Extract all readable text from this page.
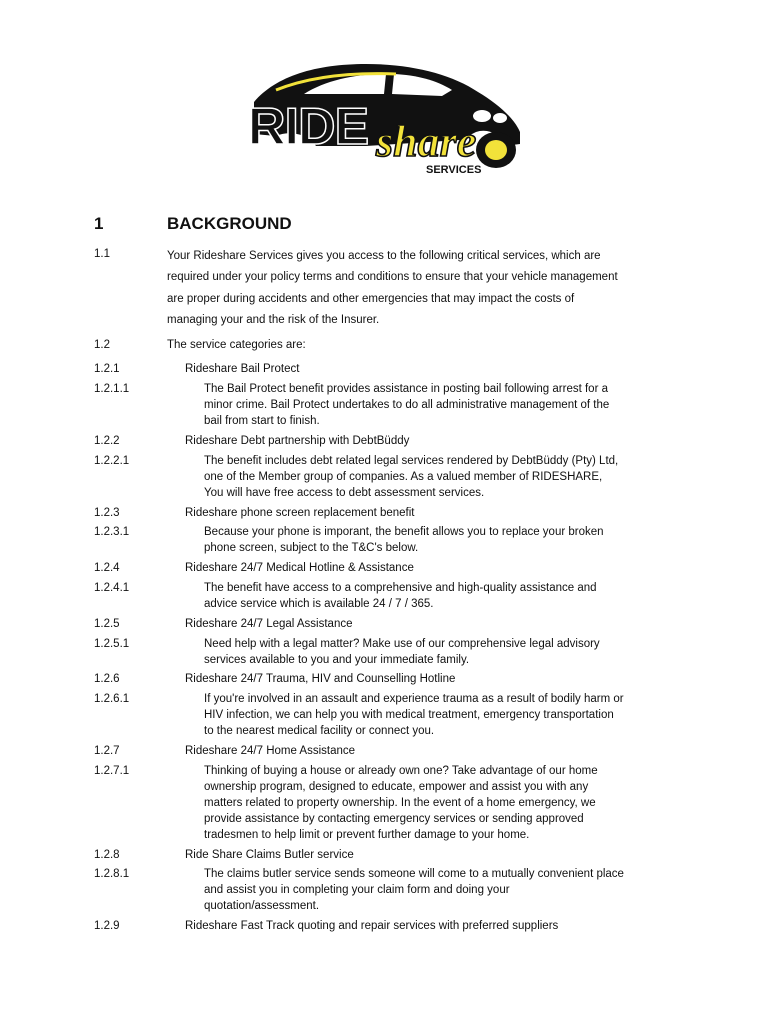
RIDE share
SERVICES
1	BACKGROUND
1.1	Your Rideshare Services gives you access to the following critical services, which are
required under your policy terms and conditions to ensure that your vehicle management
are proper during accidents and other emergencies that may impact the costs of
managing your and the risk of the Insurer.
1.2	The service categories are:
1.2.1	Rideshare Bail Protect
1.2.1.1	The Bail Protect benefit provides assistance in posting bail following arrest for a
minor crime. Bail Protect undertakes to do all administrative management of the
bail from start to finish.
1.2.2	Rideshare Debt partnership with DebtBüddy
1.2.2.1	The benefit includes debt related legal services rendered by DebtBüddy (Pty) Ltd,
one of the Member group of companies. As a valued member of RIDESHARE,
You will have free access to debt assessment services.
1.2.3	Rideshare phone screen replacement benefit
1.2.3.1	Because your phone is imporant, the benefit allows you to replace your broken
phone screen, subject to the T&C's below.
1.2.4	Rideshare 24/7 Medical Hotline & Assistance
1.2.4.1	The benefit have access to a comprehensive and high-quality assistance and
advice service which is available 24 / 7 / 365.
1.2.5	Rideshare 24/7 Legal Assistance
1.2.5.1	Need help with a legal matter? Make use of our comprehensive legal advisory
services available to you and your immediate family.
1.2.6	Rideshare 24/7 Trauma, HIV and Counselling Hotline
1.2.6.1	If you're involved in an assault and experience trauma as a result of bodily harm or
HIV infection, we can help you with medical treatment, emergency transportation
to the nearest medical facility or connect you.
1.2.7	Rideshare 24/7 Home Assistance
1.2.7.1	Thinking of buying a house or already own one? Take advantage of our home
ownership program, designed to educate, empower and assist you with any
matters related to property ownership. In the event of a home emergency, we
provide assistance by contacting emergency services or sending approved
tradesmen to help limit or prevent further damage to your home.
1.2.8	Ride Share Claims Butler service
1.2.8.1	The claims butler service sends someone will come to a mutually convenient place
and assist you in completing your claim form and doing your
quotation/assessment.
1.2.9	Rideshare Fast Track quoting and repair services with preferred suppliers
